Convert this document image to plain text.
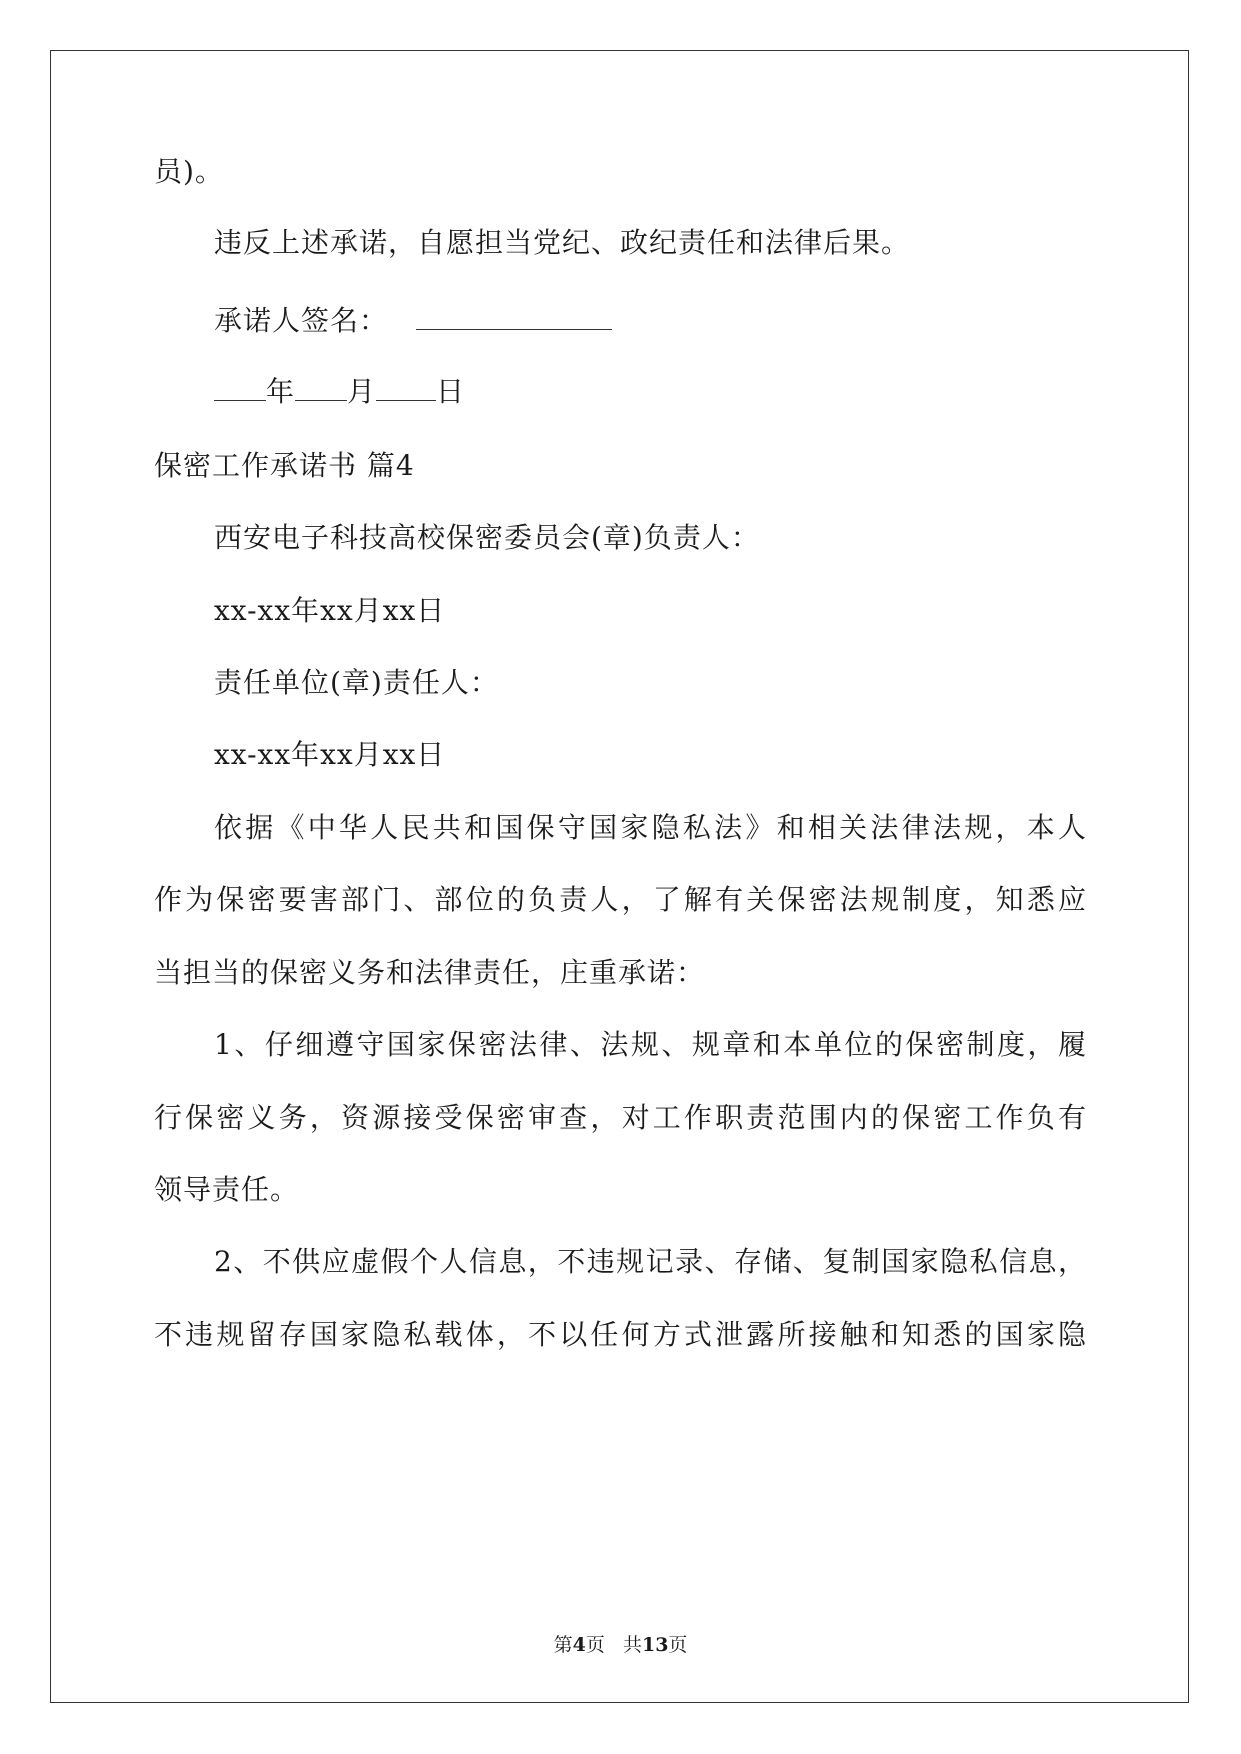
员)。
违反上述承诺，自愿担当党纪、政纪责任和法律后果。
承诺人签名：
年 月 日
保密工作承诺书 篇4
西安电子科技高校保密委员会(章)负责人：
xx-xx年xx月xx日
责任单位(章)责任人：
xx-xx年xx月xx日
依据《中华人民共和国保守国家隐私法》和相关法律法规，本人
作为保密要害部门、部位的负责人，了解有关保密法规制度，知悉应
当担当的保密义务和法律责任，庄重承诺：
1、仔细遵守国家保密法律、法规、规章和本单位的保密制度，履
行保密义务，资源接受保密审查，对工作职责范围内的保密工作负有
领导责任。
2、不供应虚假个人信息，不违规记录、存储、复制国家隐私信息，
不违规留存国家隐私载体，不以任何方式泄露所接触和知悉的国家隐
第4页 共13页
